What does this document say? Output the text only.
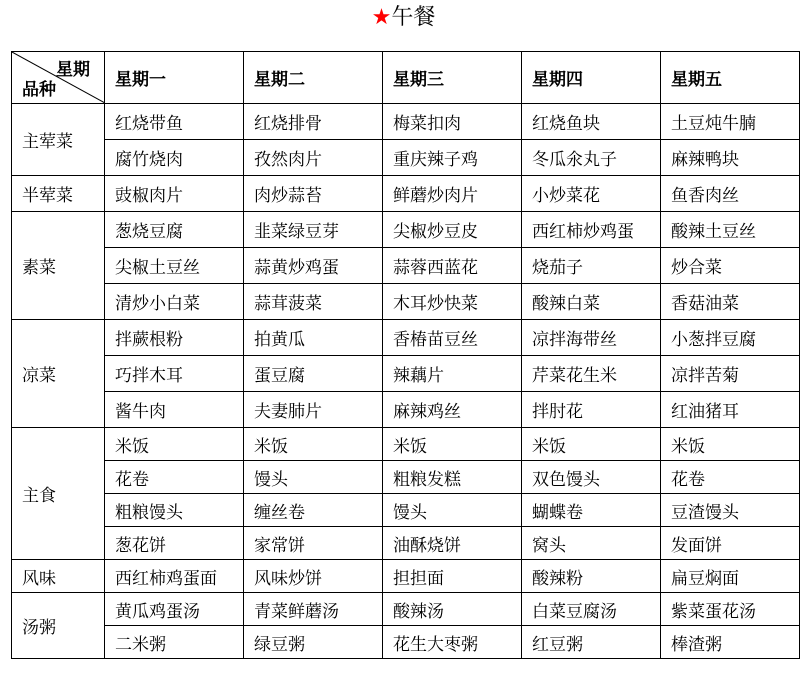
★午餐
星期
品种	星期一	星期二	星期三	星期四	星期五
主荤菜	红烧带鱼	红烧排骨	梅菜扣肉	红烧鱼块	土豆炖牛腩
	腐竹烧肉	孜然肉片	重庆辣子鸡	冬瓜氽丸子	麻辣鸭块
半荤菜	豉椒肉片	肉炒蒜苔	鲜蘑炒肉片	小炒菜花	鱼香肉丝
素菜	葱烧豆腐	韭菜绿豆芽	尖椒炒豆皮	西红柿炒鸡蛋	酸辣土豆丝
	尖椒土豆丝	蒜黄炒鸡蛋	蒜蓉西蓝花	烧茄子	炒合菜
	清炒小白菜	蒜茸菠菜	木耳炒快菜	酸辣白菜	香菇油菜
凉菜	拌蕨根粉	拍黄瓜	香椿苗豆丝	凉拌海带丝	小葱拌豆腐
	巧拌木耳	蛋豆腐	辣藕片	芹菜花生米	凉拌苦菊
	酱牛肉	夫妻肺片	麻辣鸡丝	拌肘花	红油猪耳
主食	米饭	米饭	米饭	米饭	米饭
	花卷	馒头	粗粮发糕	双色馒头	花卷
	粗粮馒头	缠丝卷	馒头	蝴蝶卷	豆渣馒头
	葱花饼	家常饼	油酥烧饼	窝头	发面饼
风味	西红柿鸡蛋面	风味炒饼	担担面	酸辣粉	扁豆焖面
汤粥	黄瓜鸡蛋汤	青菜鲜蘑汤	酸辣汤	白菜豆腐汤	紫菜蛋花汤
	二米粥	绿豆粥	花生大枣粥	红豆粥	棒渣粥
